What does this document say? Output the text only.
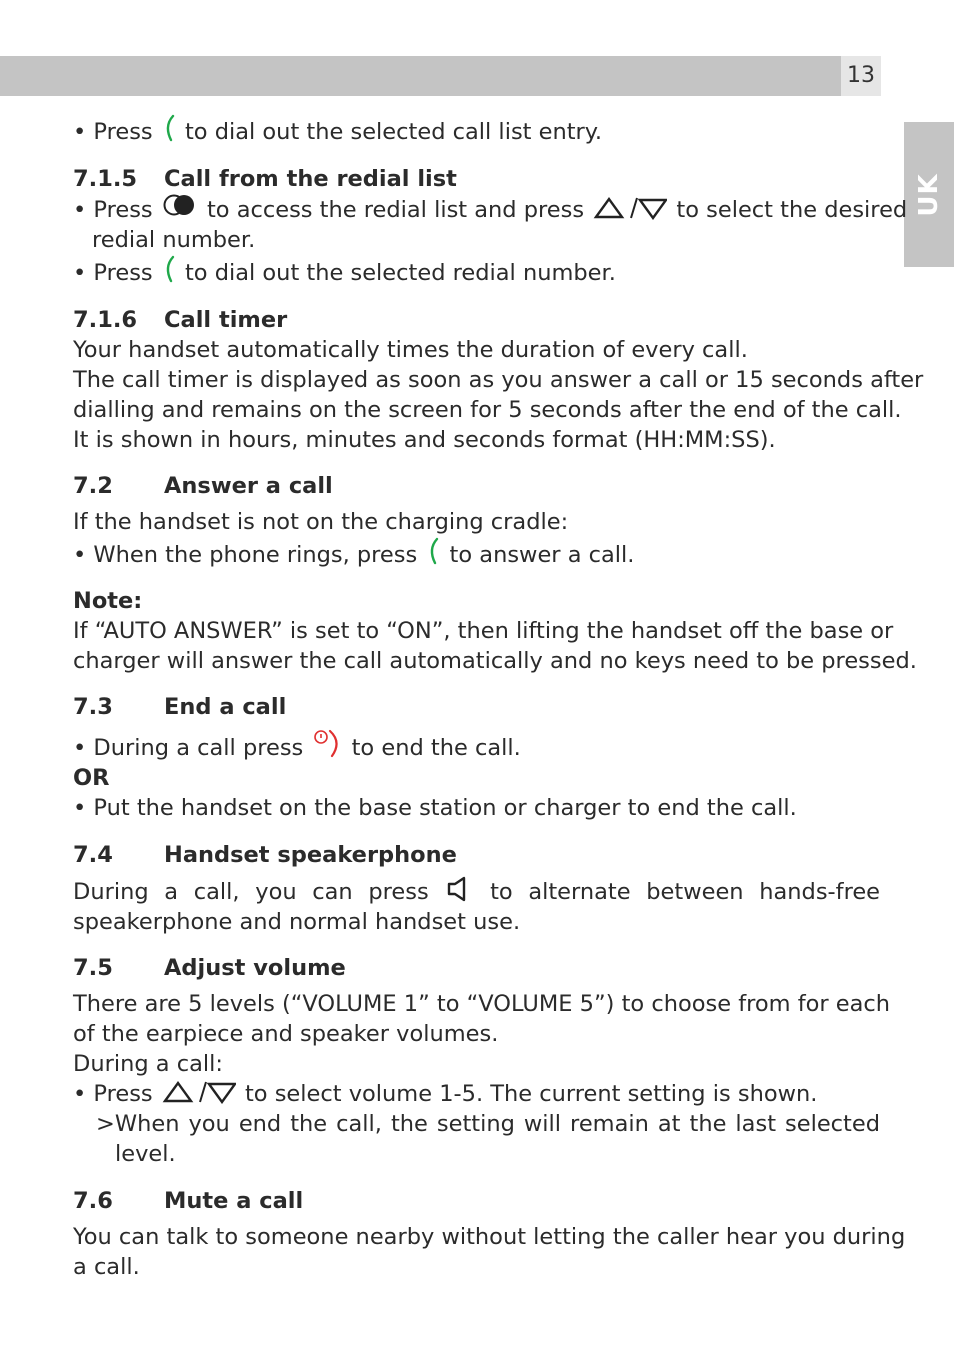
13
UK
• Press to dial out the selected call list entry.
7.1.5	Call from the redial list
• Press to access the redial list and press	to select the desired
redial number.
• Press to dial out the selected redial number.
7.1.6	Call timer
Your handset automatically times the duration of every call.
The call timer is displayed as soon as you answer a call or 15 seconds after
dialling and remains on the screen for 5 seconds after the end of the call.
It is shown in hours, minutes and seconds format (HH:MM:SS).
7.2	Answer a call
If the handset is not on the charging cradle:
• When the phone rings, press to answer a call.
Note:
If “AUTO ANSWER” is set to “ON”, then lifting the handset off the base or
charger will answer the call automatically and no keys need to be pressed.
7.3	End a call
• During a call press to end the call.
OR
• Put the handset on the base station or charger to end the call.
7.4	Handset speakerphone
During a call, you can press	to alternate between hands-free
speakerphone and normal handset use.
7.5	Adjust volume
There are 5 levels (“VOLUME 1” to “VOLUME 5”) to choose from for each
of the earpiece and speaker volumes.
During a call:
• Press	to select volume 1-5. The current setting is shown.
>When you end the call, the setting will remain at the last selected
level.
7.6	Mute a call
You can talk to someone nearby without letting the caller hear you during
a call.
